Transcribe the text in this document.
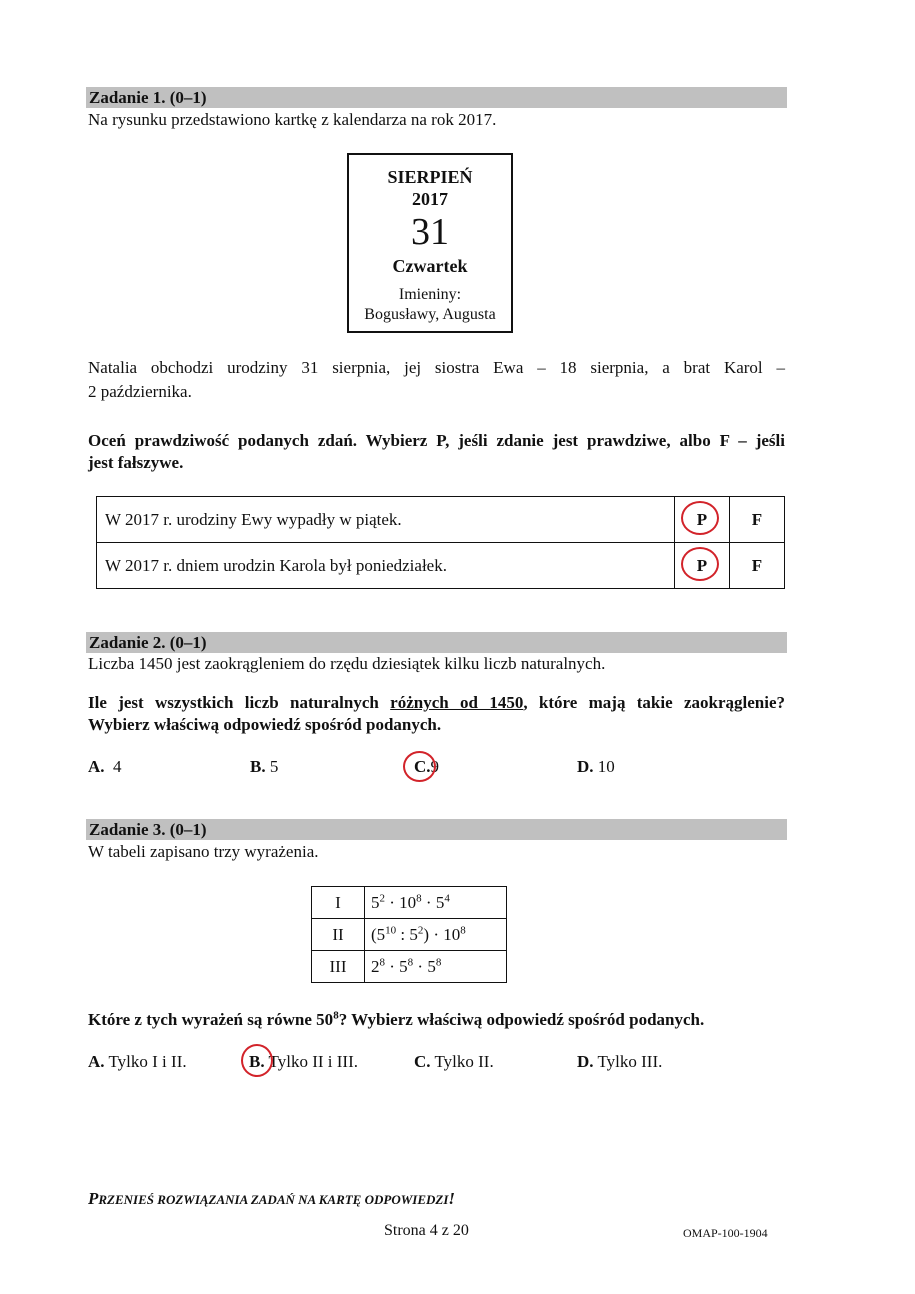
Zadanie 1. (0–1)
Na rysunku przedstawiono kartkę z kalendarza na rok 2017.
SIERPIEŃ
2017
31
Czwartek
Imieniny:
Bogusławy, Augusta
Natalia obchodzi urodziny 31 sierpnia, jej siostra Ewa – 18 sierpnia, a brat Karol –
2 października.
Oceń prawdziwość podanych zdań. Wybierz P, jeśli zdanie jest prawdziwe, albo F – jeśli
jest fałszywe.
W 2017 r. urodziny Ewy wypadły w piątek.	P	F
W 2017 r. dniem urodzin Karola był poniedziałek.	P	F
Zadanie 2. (0–1)
Liczba 1450 jest zaokrągleniem do rzędu dziesiątek kilku liczb naturalnych.
Ile jest wszystkich liczb naturalnych różnych od 1450, które mają takie zaokrąglenie?
Wybierz właściwą odpowiedź spośród podanych.
A. 4	B. 5	C.9	D. 10
Zadanie 3. (0–1)
W tabeli zapisano trzy wyrażenia.
I	$5^2 \cdot 10^8 \cdot 5^4$
II	($5^{10}$ : $5^2) \cdot 10^8$
III	$2^8 \cdot 5^8 \cdot 5^8$
Które z tych wyrażeń są równe $50^8$? Wybierz właściwą odpowiedź spośród podanych.
A. Tylko I i II.	B. Tylko II i III.	C. Tylko II.	D. Tylko III.
PRZENIEŚ ROZWIĄZANIA ZADAŃ NA KARTĘ ODPOWIEDZI!
Strona 4 z 20	OMAP-100-1904
